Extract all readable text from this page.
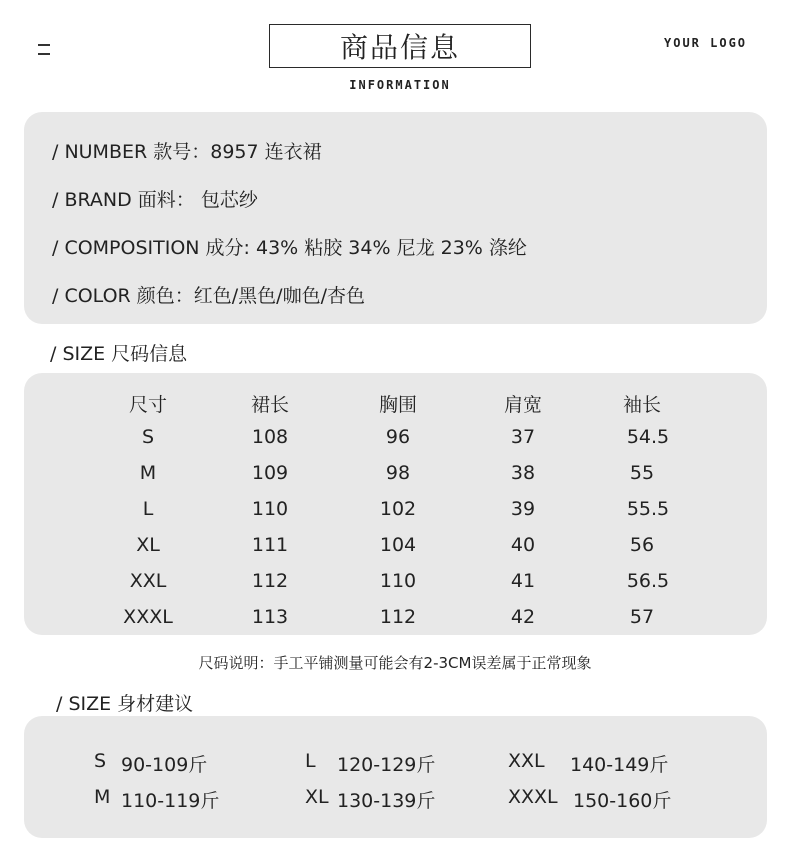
商品信息
INFORMATION
YOUR LOGO
/ NUMBER 款号：8957 连衣裙
/ BRAND 面料： 包芯纱
/ COMPOSITION 成分: 43% 粘胶 34% 尼龙 23% 涤纶
/ COLOR 颜色：红色/黑色/咖色/杏色
/ SIZE 尺码信息
尺寸	裙长	胸围	肩宽	袖长
S	108	96	37	54.5
M	109	98	38	55
L	110	102	39	55.5
XL	111	104	40	56
XXL	112	110	41	56.5
XXXL	113	112	42	57
尺码说明：手工平铺测量可能会有2-3CM误差属于正常现象
/ SIZE 身材建议
S 90-109斤
M 110-119斤
L 120-129斤
XL 130-139斤
XXL 140-149斤
XXXL 150-160斤
